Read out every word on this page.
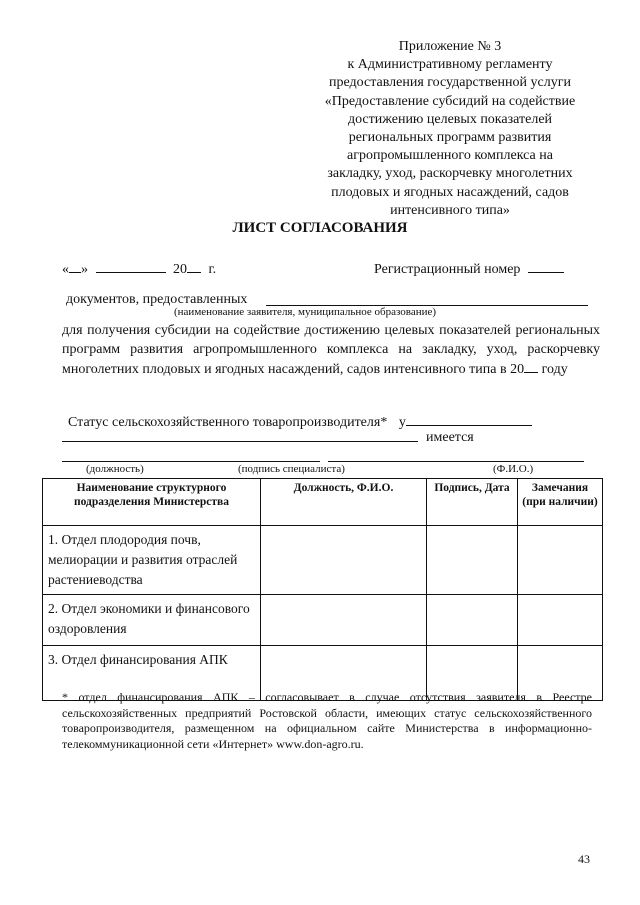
Приложение № 3
к Административному регламенту
предоставления государственной услуги
«Предоставление субсидий на содействие
достижению целевых показателей
региональных программ развития
агропромышленного комплекса на
закладку, уход, раскорчевку многолетних
плодовых и ягодных насаждений, садов
интенсивного типа»
ЛИСТ СОГЛАСОВАНИЯ
« »	20 г.	Регистрационный номер
документов, предоставленных
(наименование заявителя, муниципальное образование)
для получения субсидии на содействие достижению целевых показателей региональных программ развития агропромышленного комплекса на закладку, уход, раскорчевку многолетних плодовых и ягодных насаждений, садов интенсивного типа в 20 году
Статус сельскохозяйственного товаропроизводителя* у
имеется
(должность)	(подпись специалиста)	(Ф.И.О.)
Наименование структурного подразделения Министерства	Должность, Ф.И.О.	Подпись, Дата	Замечания (при наличии)
1. Отдел плодородия почв, мелиорации и развития отраслей растениеводства			
2. Отдел экономики и финансового оздоровления			
3. Отдел финансирования АПК			
* отдел финансирования АПК – согласовывает в случае отсутствия заявителя в Реестре сельскохозяйственных предприятий Ростовской области, имеющих статус сельскохозяйственного товаропроизводителя, размещенном на официальном сайте Министерства в информационно-телекоммуникационной сети «Интернет» www.don-agro.ru.
43
